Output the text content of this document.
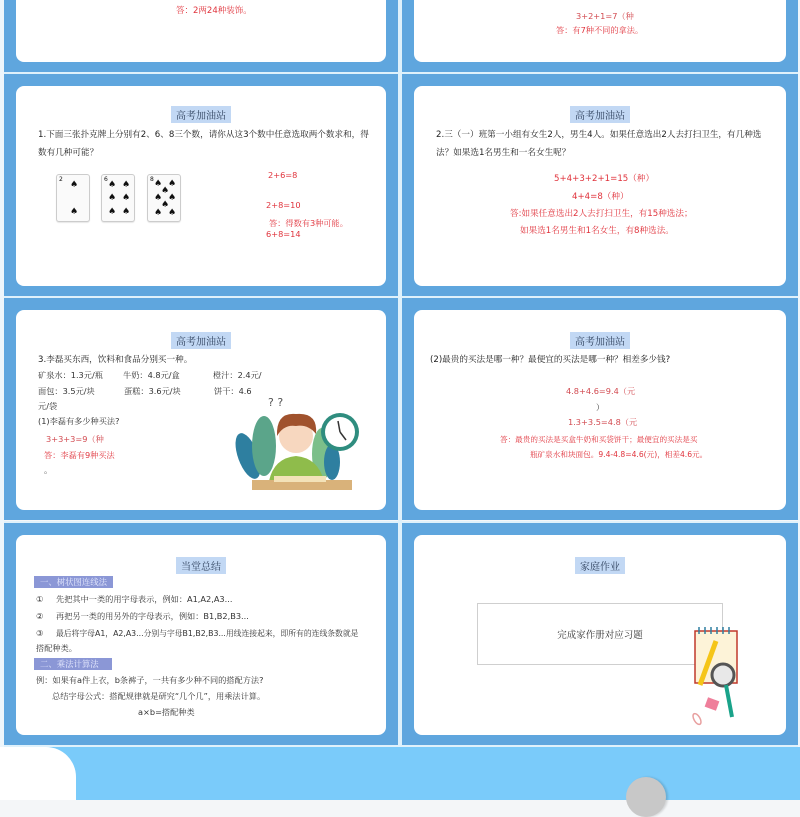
答：2两24种装饰。	3+2+1=7（种
答：有7种不同的拿法。
高考加油站
1.下面三张扑克牌上分别有2、6、8三个数，请你从这3个数中任意选取两个数求和，得数有几种可能？
2
♠
♠
6
♠ ♠
♠ ♠
♠ ♠
8 ♠ ♠
♠
♠ ♠
♠
♠ ♠
2+6=8
2+8=10
答：得数有3种可能。
6+8=14
高考加油站
2.三（一）班第一小组有女生2人，男生4人。如果任意选出2人去打扫卫生，有几种选法？如果选1名男生和一名女生呢？
5+4+3+2+1=15（种）
4+4=8（种）
答:如果任意选出2人去打扫卫生，有15种选法；
如果选1名男生和1名女生，有8种选法。
高考加油站
3.李磊买东西，饮料和食品分别买一种。
矿泉水：1.3元/瓶 牛奶：4.8元/盒	橙汁：2.4元/
面包：3.5元/块	蛋糕：3.6元/块	饼干：4.6
元/袋
(1)李磊有多少种买法?
3+3+3=9（种
答：李磊有9种买法
。
? ?
高考加油站
(2)最贵的买法是哪一种？最便宜的买法是哪一种？相差多少钱?
4.8+4.6=9.4（元
）
1.3+3.5=4.8（元
答：最贵的买法是买盒牛奶和买袋饼干；最便宜的买法是买
瓶矿泉水和块面包。9.4-4.8=4.6(元)，相差4.6元。
当堂总结
一、树状图连线法
① 先把其中一类的用字母表示，例如：A1,A2,A3...
② 再把另一类的用另外的字母表示，例如：B1,B2,B3...
③ 最后将字母A1，A2,A3...分别与字母B1,B2,B3...用线连接起来，即所有的连线条数就是
搭配种类。
二、乘法计算法
例：如果有a件上衣，b条裤子，一共有多少种不同的搭配方法?
总结字母公式：搭配规律就是研究“几个几”，用乘法计算。
a×b=搭配种类
家庭作业
完成家作册对应习题
